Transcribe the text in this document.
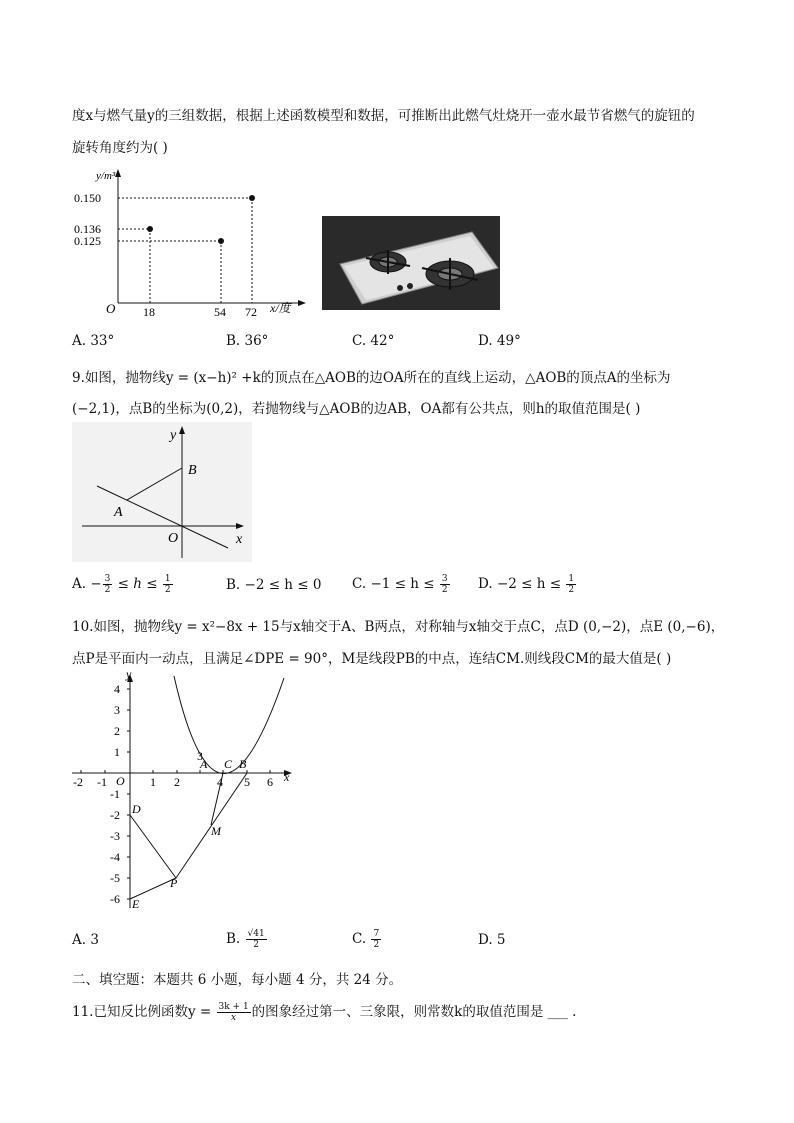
度x与燃气量y的三组数据，根据上述函数模型和数据，可推断出此燃气灶烧开一壶水最节省燃气的旋钮的
旋转角度约为( )
y/m³
0.150
0.136
0.125
O 18	54 72 x/度
A. 33°	B. 36°	C. 42°	D. 49°
9.如图，抛物线y = (x−h)² +k的顶点在△AOB的边OA所在的直线上运动，△AOB的顶点A的坐标为
(−2,1)，点B的坐标为(0,2)，若抛物线与△AOB的边AB，OA都有公共点，则h的取值范围是( )
y
x
B
A
O
A. − $\frac{3}{2} \le h \le \frac{1}{2}$	B. −2 ≤ h ≤ 0 C. $-1 \le h \le \frac{3}{2} D$. $-2 \le h \le \frac{1}{2}$
10.如图，抛物线y = x²−8x + 15与x轴交于A、B两点，对称轴与x轴交于点C，点D (0,−2)，点E (0,−6)，
点P是平面内一动点，且满足∠DPE = 90°，M是线段PB的中点，连结CM.则线段CM的最大值是( )
y
x
O
A C B
D
E
P
M
-2 -1	1 2
3
4 5 6
4
3
2
1
-1
-2
-3
-4
-5
-6
A. 3	B. $\frac{√41}{2}$	C. $\frac{7}{2}$	D. 5
二、填空题：本题共 6 小题，每小题 4 分，共 24 分。
11.已知反比例函数$y = \frac{3k + 1}{x}$ 的图象经过第一、三象限，则常数k的取值范围是 ___ .
